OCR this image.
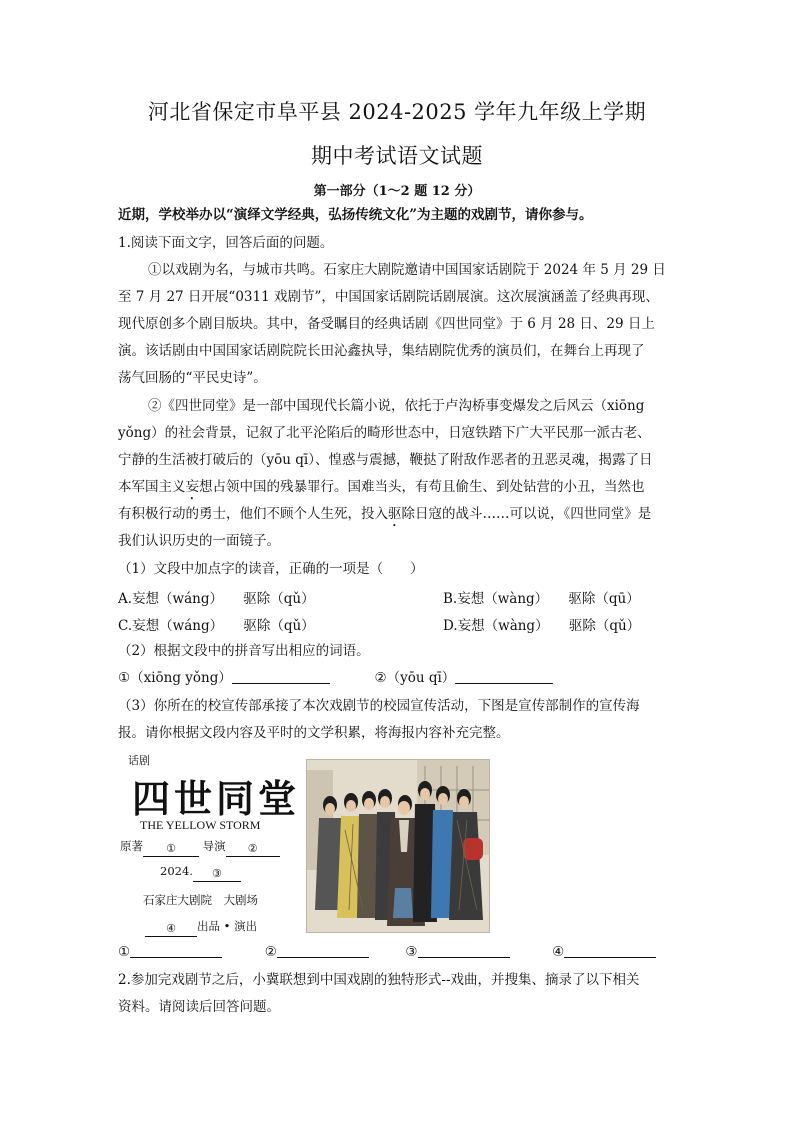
河北省保定市阜平县 2024-2025 学年九年级上学期
期中考试语文试题
第一部分（1～2 题 12 分）
近期，学校举办以“演绎文学经典，弘扬传统文化”为主题的戏剧节，请你参与。
1.阅读下面文字，回答后面的问题。
①以戏剧为名，与城市共鸣。石家庄大剧院邀请中国国家话剧院于 2024 年 5 月 29 日
至 7 月 27 日开展“0311 戏剧节”，中国国家话剧院话剧展演。这次展演涵盖了经典再现、
现代原创多个剧目版块。其中，备受瞩目的经典话剧《四世同堂》于 6 月 28 日、29 日上
演。该话剧由中国国家话剧院院长田沁鑫执导，集结剧院优秀的演员们，在舞台上再现了
荡气回肠的“平民史诗”。
②《四世同堂》是一部中国现代长篇小说，依托于卢沟桥事变爆发之后风云（xiōng
yǒng）的社会背景，记叙了北平沦陷后的畸形世态中，日寇铁踏下广大平民那一派古老、
宁静的生活被打破后的（yōu qī）、惶惑与震撼，鞭挞了附敌作恶者的丑恶灵魂，揭露了日
本军国主义妄想占领中国的残暴罪行。国难当头，有苟且偷生、到处钻营的小丑，当然也
有积极行动的勇士，他们不顾个人生死，投入驱除日寇的战斗……可以说，《四世同堂》是
我们认识历史的一面镜子。
（1）文段中加点字的读音，正确的一项是（　　）
A.妄想（wáng）　　驱除（qǔ）	B.妄想（wàng）　　驱除（qū）
C.妄想（wáng）　　驱除（qǔ）	D.妄想（wàng）　　驱除（qǔ）
（2）根据文段中的拼音写出相应的词语。
①（xiōng yǒng）	②（yōu qī）
（3）你所在的校宣传部承接了本次戏剧节的校园宣传活动，下图是宣传部制作的宣传海
报。请你根据文段内容及平时的文学积累，将海报内容补充完整。
话剧
四世同堂
THE YELLOW STORM
原著 ① 导演 ②
2024. ③
石家庄大剧院　大剧场
④ 出品 • 演出
①	②	③	④
2.参加完戏剧节之后，小冀联想到中国戏剧的独特形式--戏曲，并搜集、摘录了以下相关
资料。请阅读后回答问题。
